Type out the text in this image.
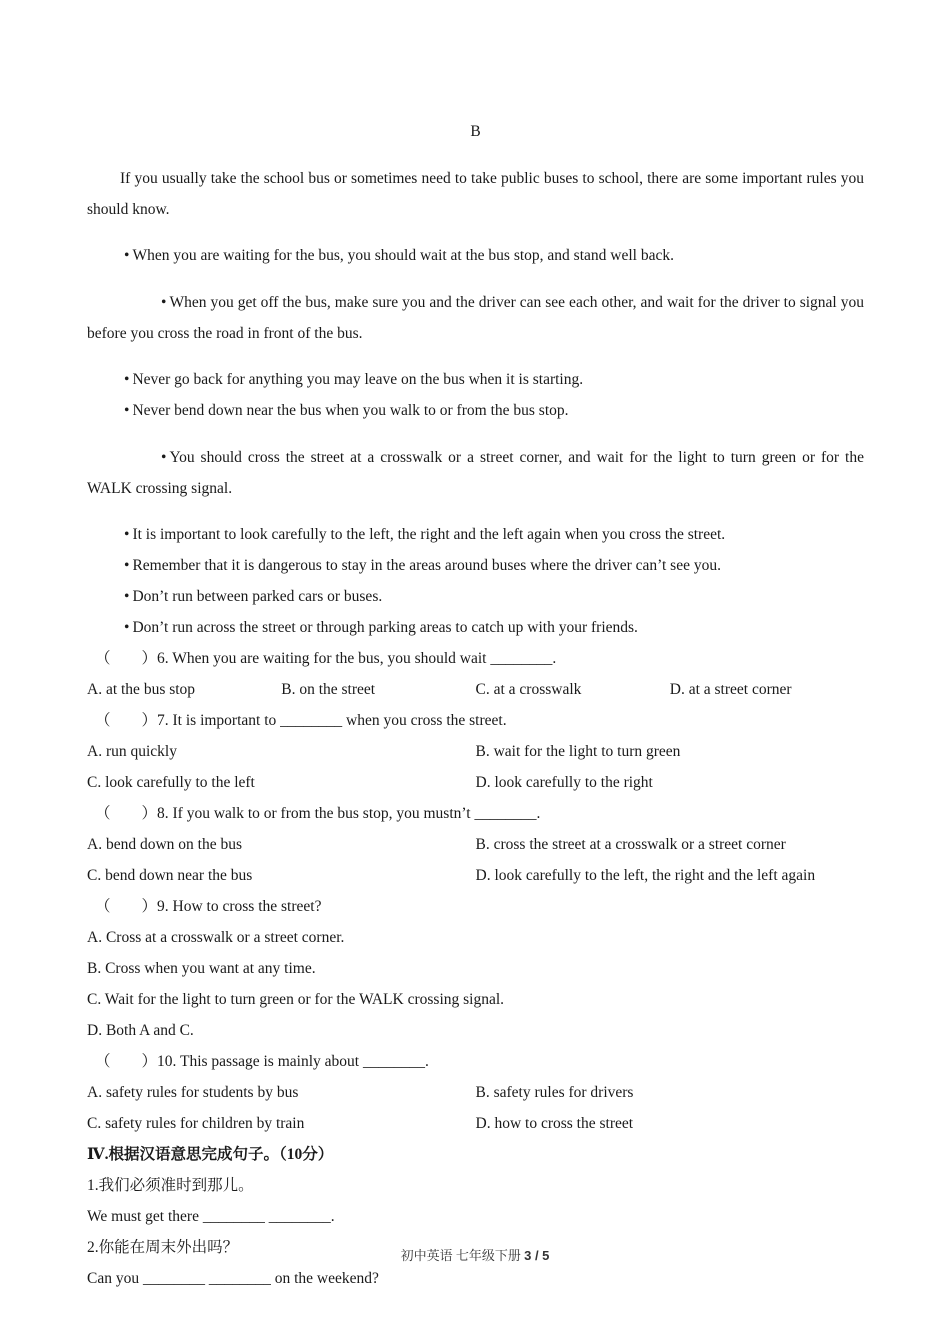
B

If you usually take the school bus or sometimes need to take public buses to school, there are some important rules you should know.

• When you are waiting for the bus, you should wait at the bus stop, and stand well back.

• When you get off the bus, make sure you and the driver can see each other, and wait for the driver to signal you before you cross the road in front of the bus.

• Never go back for anything you may leave on the bus when it is starting.

• Never bend down near the bus when you walk to or from the bus stop.

• You should cross the street at a crosswalk or a street corner, and wait for the light to turn green or for the WALK crossing signal.

• It is important to look carefully to the left, the right and the left again when you cross the street.

• Remember that it is dangerous to stay in the areas around buses where the driver can’t see you.

• Don’t run between parked cars or buses.

• Don’t run across the street or through parking areas to catch up with your friends.

（　　）6. When you are waiting for the bus, you should wait ________.

A. at the bus stop	B. on the street	C. at a crosswalk	D. at a street corner

（　　）7. It is important to ________ when you cross the street.

A. run quickly	B. wait for the light to turn green

C. look carefully to the left	D. look carefully to the right

（　　）8. If you walk to or from the bus stop, you mustn’t ________.

A. bend down on the bus	B. cross the street at a crosswalk or a street corner

C. bend down near the bus	D. look carefully to the left, the right and the left again

（　　）9. How to cross the street?

A. Cross at a crosswalk or a street corner.

B. Cross when you want at any time.

C. Wait for the light to turn green or for the WALK crossing signal.

D. Both A and C.

（　　）10. This passage is mainly about ________.

A. safety rules for students by bus	B. safety rules for drivers

C. safety rules for children by train	D. how to cross the street

Ⅳ.根据汉语意思完成句子。（10分）

1.我们必须准时到那儿。

We must get there ________ ________.

2.你能在周末外出吗？

Can you ________ ________ on the weekend?

初中英语 七年级下册 3 / 5
